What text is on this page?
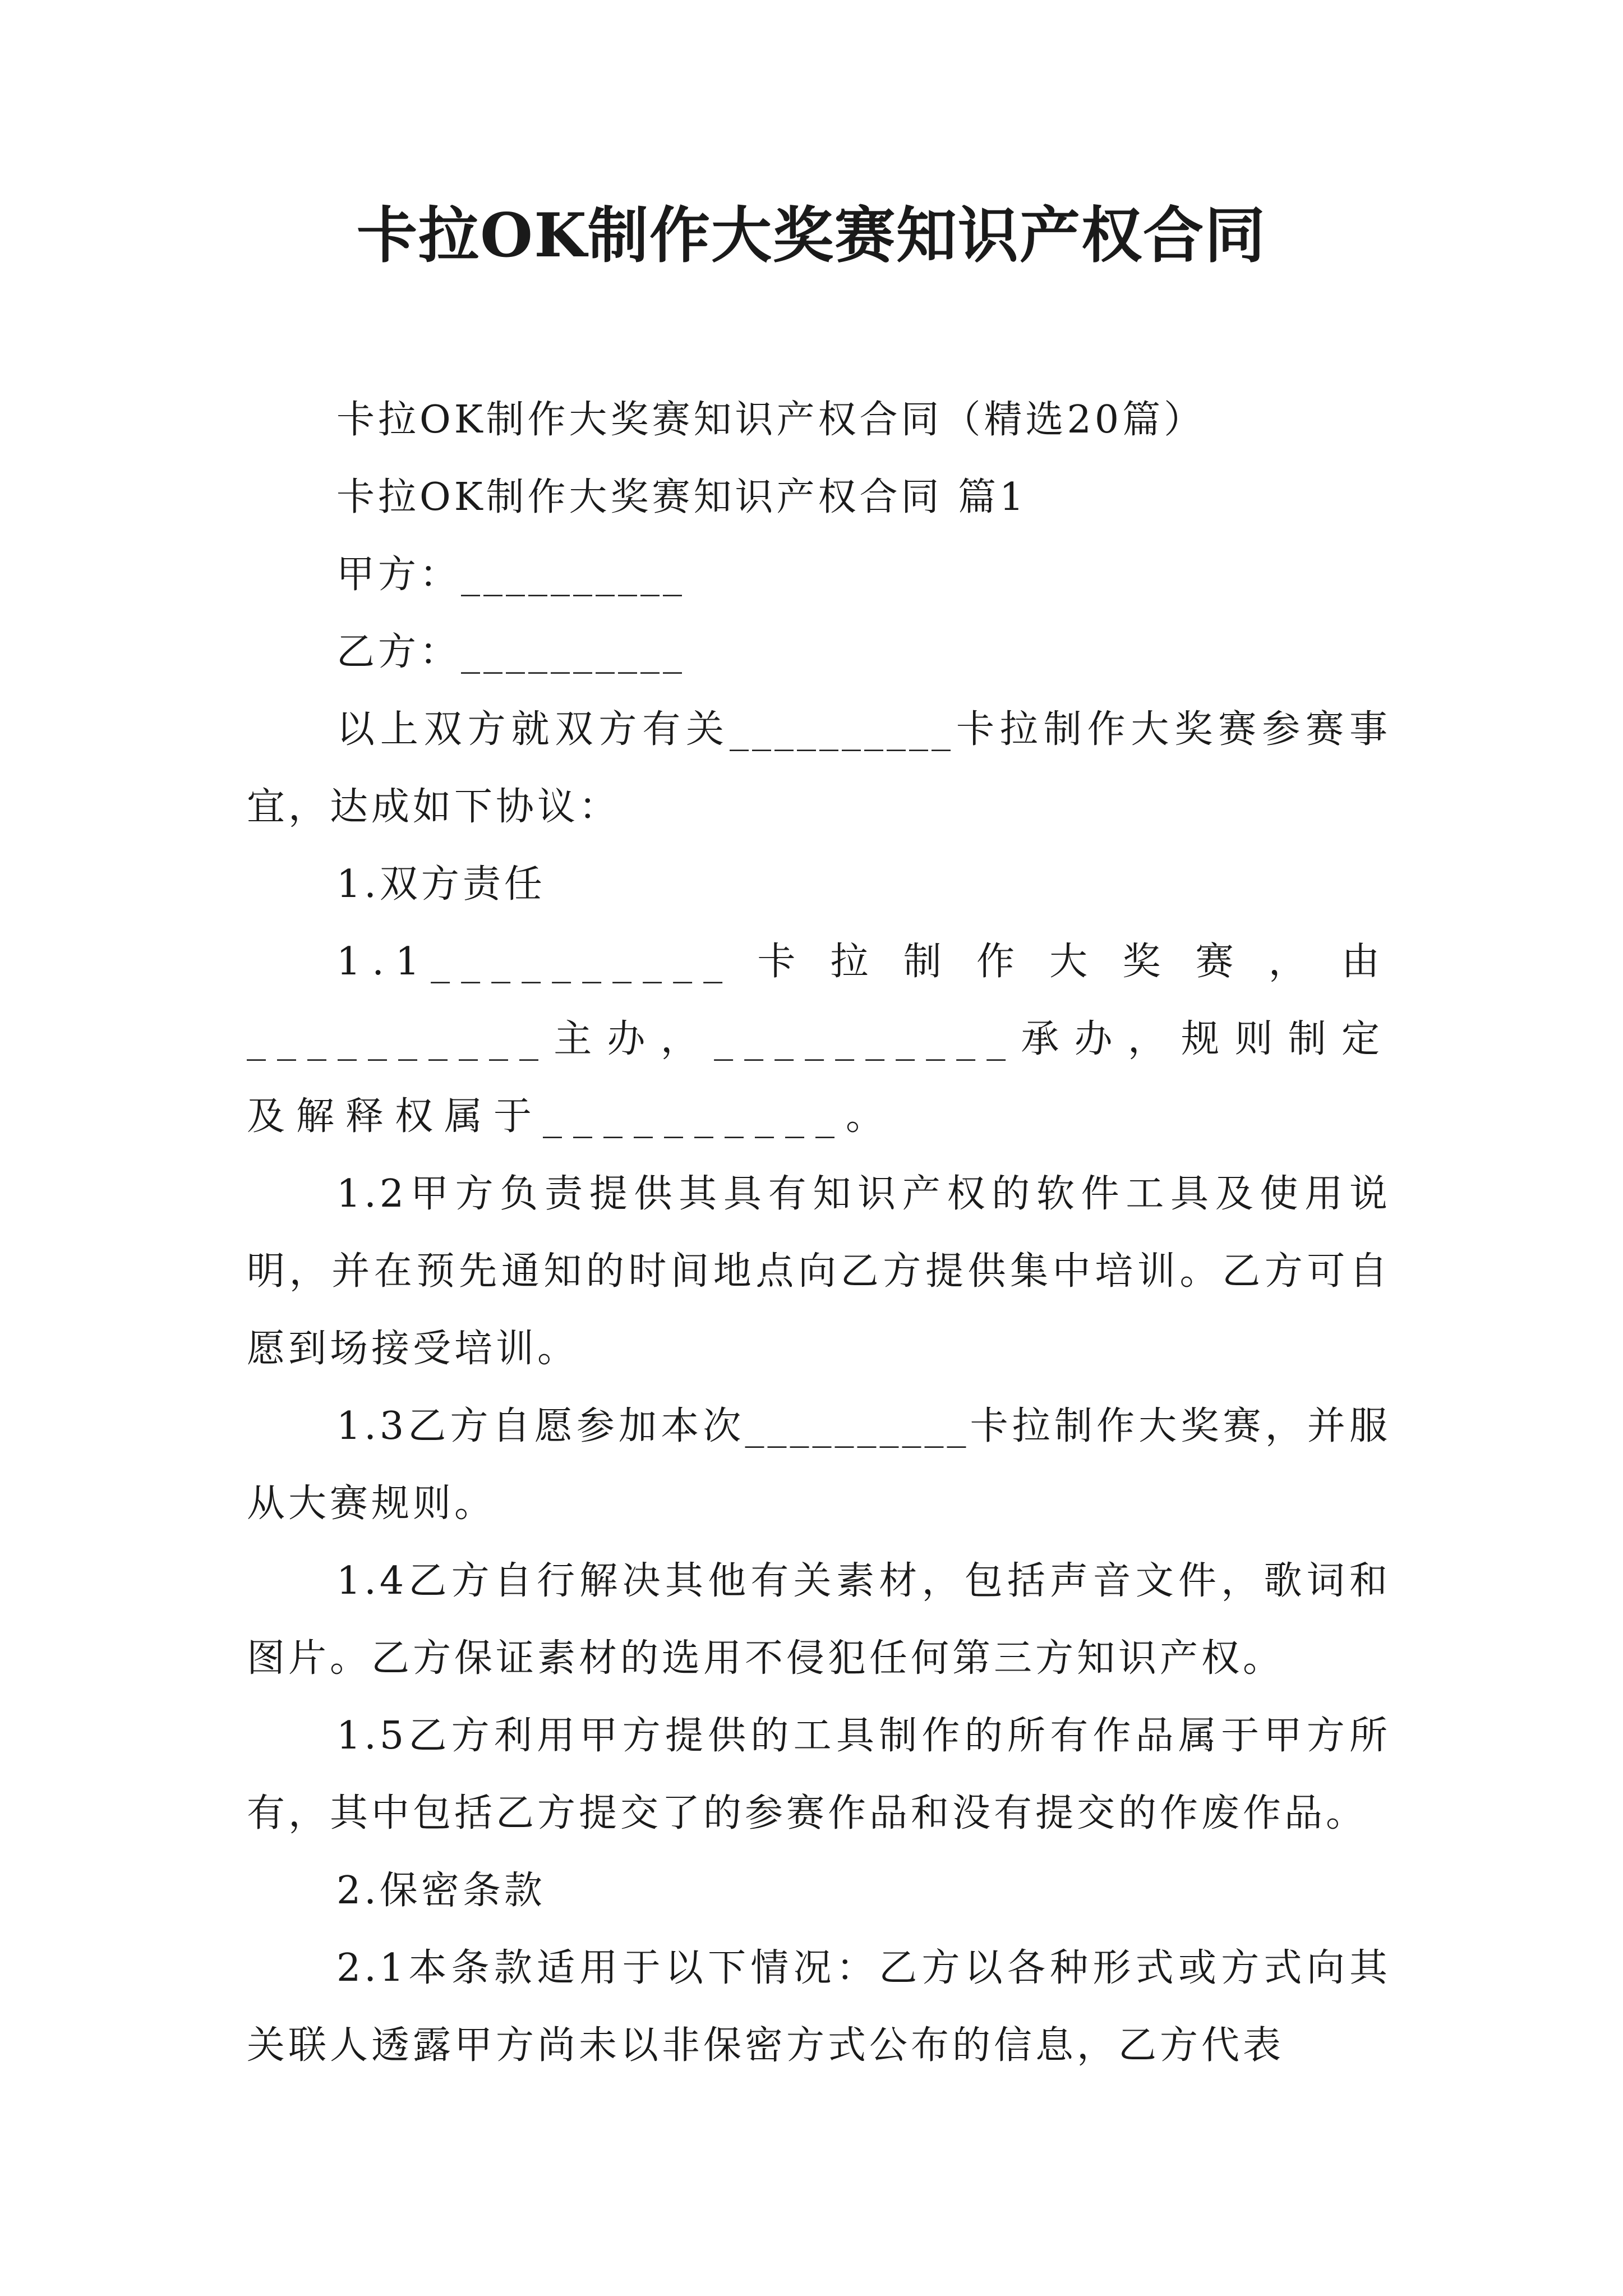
卡拉OK制作大奖赛知识产权合同

卡拉OK制作大奖赛知识产权合同（精选20篇）

卡拉OK制作大奖赛知识产权合同 篇1

甲方：__________

乙方：__________

以上双方就双方有关__________卡拉制作大奖赛参赛事宜，达成如下协议：

1.双方责任

1.1__________卡拉制作大奖赛，由__________主办，__________承办，规则制定及解释权属于__________。

1.2甲方负责提供其具有知识产权的软件工具及使用说明，并在预先通知的时间地点向乙方提供集中培训。乙方可自愿到场接受培训。

1.3乙方自愿参加本次__________卡拉制作大奖赛，并服从大赛规则。

1.4乙方自行解决其他有关素材，包括声音文件，歌词和图片。乙方保证素材的选用不侵犯任何第三方知识产权。

1.5乙方利用甲方提供的工具制作的所有作品属于甲方所有，其中包括乙方提交了的参赛作品和没有提交的作废作品。

2.保密条款

2.1本条款适用于以下情况：乙方以各种形式或方式向其关联人透露甲方尚未以非保密方式公布的信息，乙方代表
